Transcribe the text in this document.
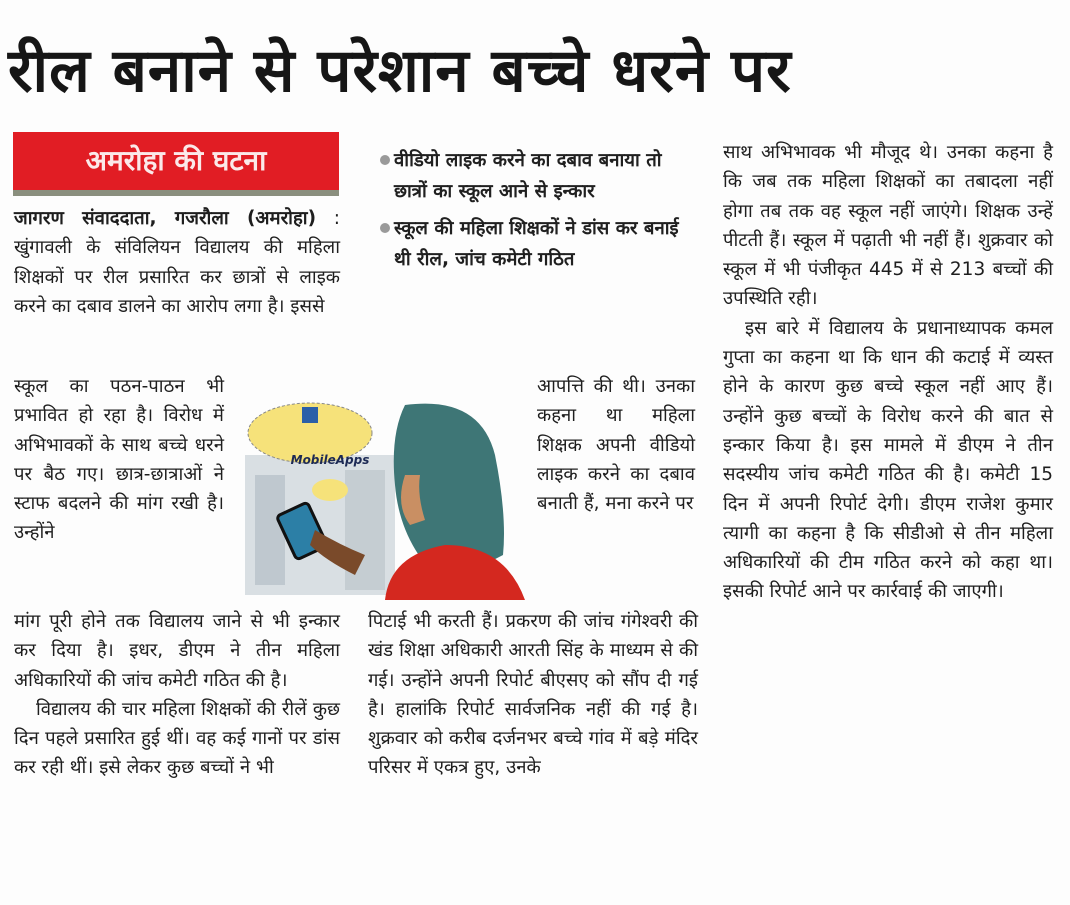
रील बनाने से परेशान बच्चे धरने पर
अमरोहा की घटना

जागरण संवाददाता, गजरौला (अमरोहा) : खुंगावली के संविलियन विद्यालय की महिला शिक्षकों पर रील प्रसारित कर छात्रों से लाइक करने का दबाव डालने का आरोप लगा है। इससे

स्कूल का पठन-पाठन भी प्रभावित हो रहा है। विरोध में अभिभावकों के साथ बच्चे धरने पर बैठ गए। छात्र-छात्राओं ने स्टाफ बदलने की मांग रखी है। उन्होंने

मांग पूरी होने तक विद्यालय जाने से भी इन्कार कर दिया है। इधर, डीएम ने तीन महिला अधिकारियों की जांच कमेटी गठित की है।

विद्यालय की चार महिला शिक्षकों की रीलें कुछ दिन पहले प्रसारित हुई थीं। वह कई गानों पर डांस कर रही थीं। इसे लेकर कुछ बच्चों ने भी

वीडियो लाइक करने का दबाव बनाया तो छात्रों का स्कूल आने से इन्कार
स्कूल की महिला शिक्षकों ने डांस कर बनाई थी रील, जांच कमेटी गठित
MobileApps

आपत्ति की थी। उनका कहना था महिला शिक्षक अपनी वीडियो लाइक करने का दबाव बनाती हैं, मना करने पर

पिटाई भी करती हैं। प्रकरण की जांच गंगेश्वरी की खंड शिक्षा अधिकारी आरती सिंह के माध्यम से की गई। उन्होंने अपनी रिपोर्ट बीएसए को सौंप दी गई है। हालांकि रिपोर्ट सार्वजनिक नहीं की गई है। शुक्रवार को करीब दर्जनभर बच्चे गांव में बड़े मंदिर परिसर में एकत्र हुए, उनके

साथ अभिभावक भी मौजूद थे। उनका कहना है कि जब तक महिला शिक्षकों का तबादला नहीं होगा तब तक वह स्कूल नहीं जाएंगे। शिक्षक उन्हें पीटती हैं। स्कूल में पढ़ाती भी नहीं हैं। शुक्रवार को स्कूल में भी पंजीकृत 445 में से 213 बच्चों की उपस्थिति रही।

इस बारे में विद्यालय के प्रधानाध्यापक कमल गुप्ता का कहना था कि धान की कटाई में व्यस्त होने के कारण कुछ बच्चे स्कूल नहीं आए हैं। उन्होंने कुछ बच्चों के विरोध करने की बात से इन्कार किया है। इस मामले में डीएम ने तीन सदस्यीय जांच कमेटी गठित की है। कमेटी 15 दिन में अपनी रिपोर्ट देगी। डीएम राजेश कुमार त्यागी का कहना है कि सीडीओ से तीन महिला अधिकारियों की टीम गठित करने को कहा था। इसकी रिपोर्ट आने पर कार्रवाई की जाएगी।
